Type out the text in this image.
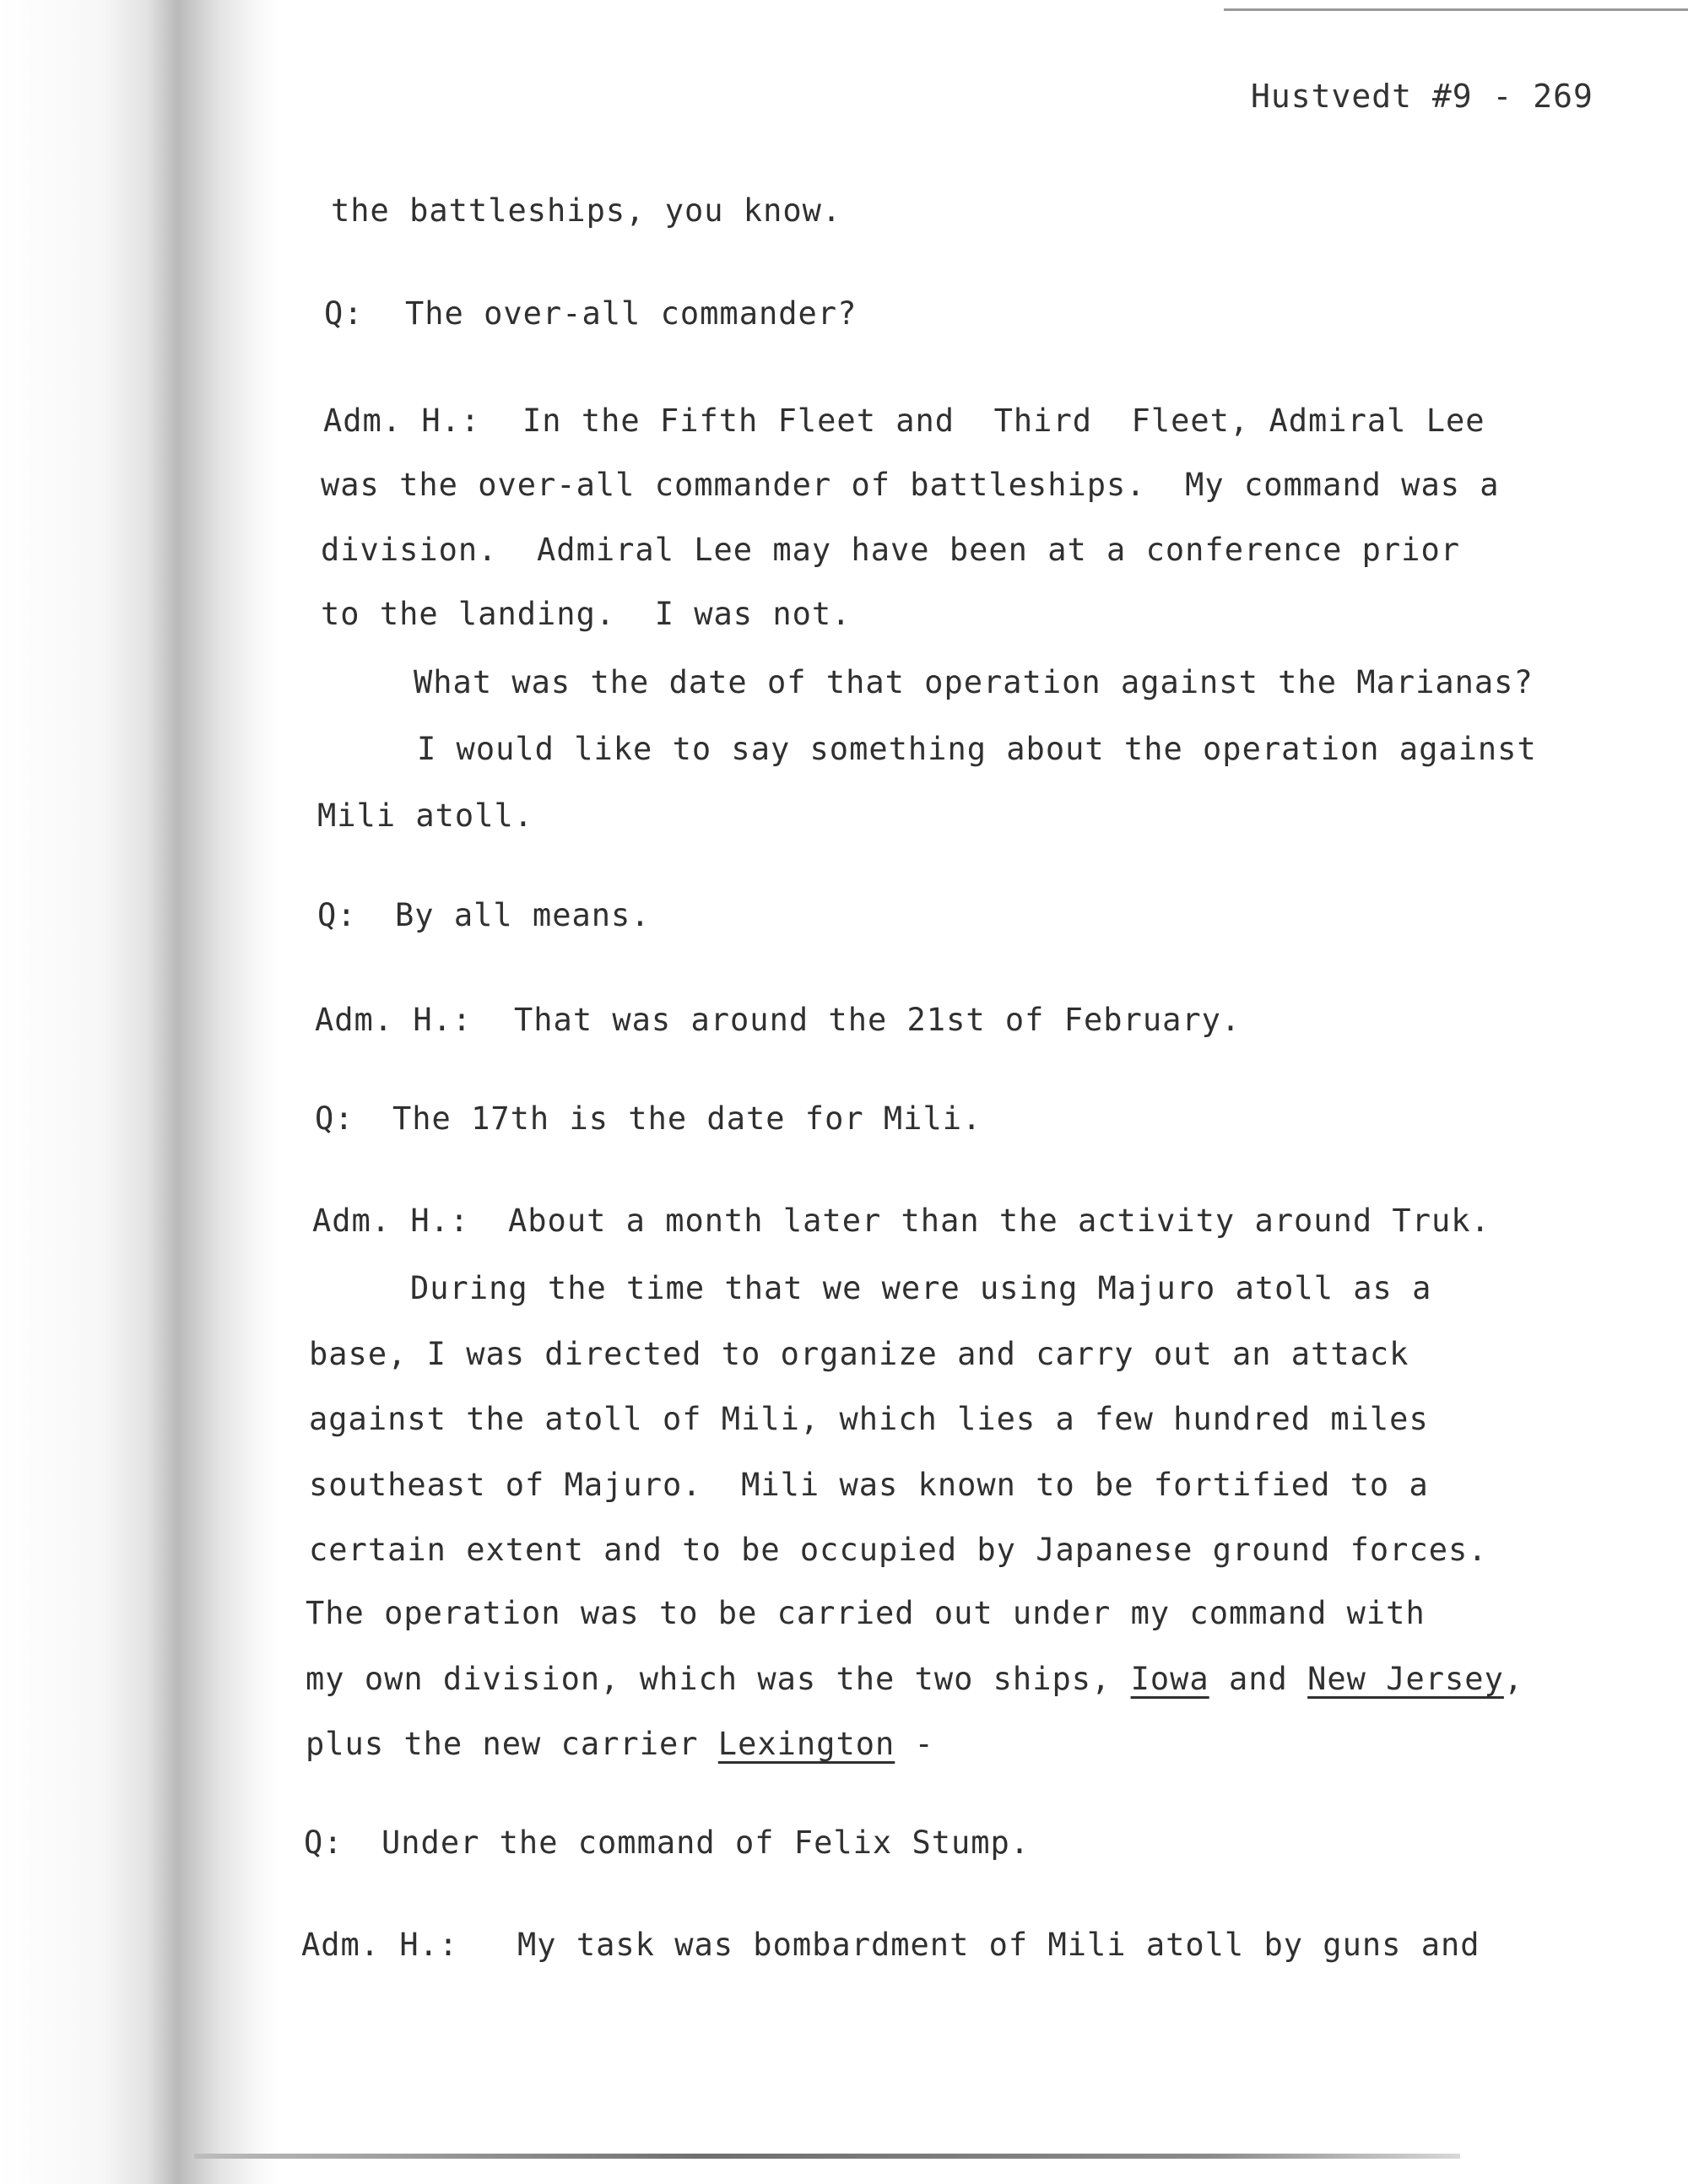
Hustvedt #9 - 269
the battleships, you know.
Q: The over-all commander?
Adm. H.: In the Fifth Fleet and  Third  Fleet, Admiral Lee
was the over-all commander of battleships.  My command was a
division.  Admiral Lee may have been at a conference prior
to the landing.  I was not.
What was the date of that operation against the Marianas?
I would like to say something about the operation against
Mili atoll.
Q: By all means.
Adm. H.: That was around the 21st of February.
Q: The 17th is the date for Mili.
Adm. H.: About a month later than the activity around Truk.
During the time that we were using Majuro atoll as a
base, I was directed to organize and carry out an attack
against the atoll of Mili, which lies a few hundred miles
southeast of Majuro.  Mili was known to be fortified to a
certain extent and to be occupied by Japanese ground forces.
The operation was to be carried out under my command with
my own division, which was the two ships, Iowa and New Jersey,
plus the new carrier Lexington -
Q: Under the command of Felix Stump.
Adm. H.: My task was bombardment of Mili atoll by guns and
